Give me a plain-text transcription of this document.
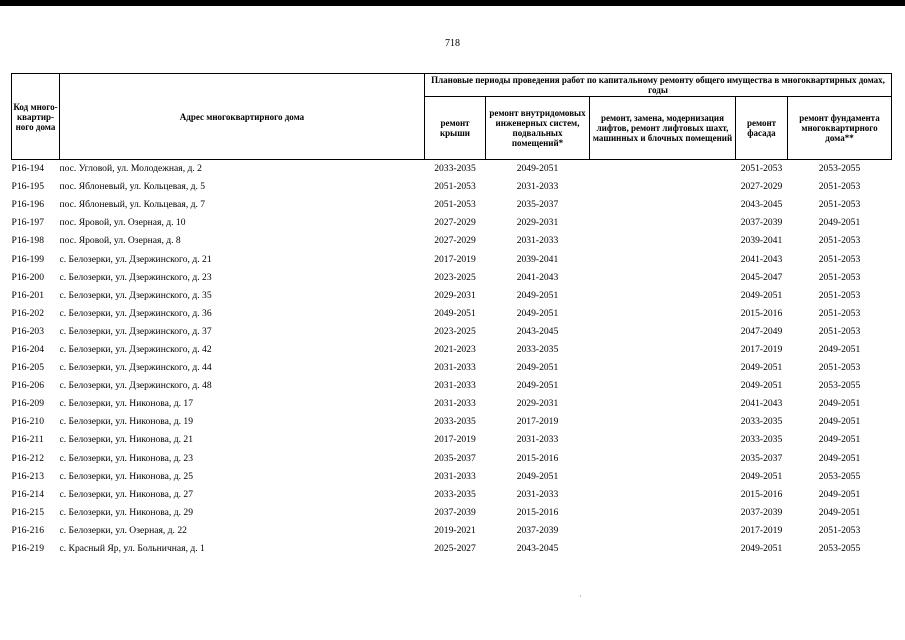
718
Код много-квартир-ного дома	Адрес многоквартирного дома	Плановые периоды проведения работ по капитальному ремонту общего имущества в многоквартирных домах, годы				
		ремонт крыши	ремонт внутридомовых инженерных систем, подвальных помещений*	ремонт, замена, модернизация лифтов, ремонт лифтовых шахт, машинных и блочных помещений	ремонт фасада	ремонт фундамента многоквартирного дома**
P16-194	пос. Угловой, ул. Молодежная, д. 2	2033-2035	2049-2051		2051-2053	2053-2055
P16-195	пос. Яблоневый, ул. Кольцевая, д. 5	2051-2053	2031-2033		2027-2029	2051-2053
P16-196	пос. Яблоневый, ул. Кольцевая, д. 7	2051-2053	2035-2037		2043-2045	2051-2053
P16-197	пос. Яровой, ул. Озерная, д. 10	2027-2029	2029-2031		2037-2039	2049-2051
P16-198	пос. Яровой, ул. Озерная, д. 8	2027-2029	2031-2033		2039-2041	2051-2053
P16-199	с. Белозерки, ул. Дзержинского, д. 21	2017-2019	2039-2041		2041-2043	2051-2053
P16-200	с. Белозерки, ул. Дзержинского, д. 23	2023-2025	2041-2043		2045-2047	2051-2053
P16-201	с. Белозерки, ул. Дзержинского, д. 35	2029-2031	2049-2051		2049-2051	2051-2053
P16-202	с. Белозерки, ул. Дзержинского, д. 36	2049-2051	2049-2051		2015-2016	2051-2053
P16-203	с. Белозерки, ул. Дзержинского, д. 37	2023-2025	2043-2045		2047-2049	2051-2053
P16-204	с. Белозерки, ул. Дзержинского, д. 42	2021-2023	2033-2035		2017-2019	2049-2051
P16-205	с. Белозерки, ул. Дзержинского, д. 44	2031-2033	2049-2051		2049-2051	2051-2053
P16-206	с. Белозерки, ул. Дзержинского, д. 48	2031-2033	2049-2051		2049-2051	2053-2055
P16-209	с. Белозерки, ул. Никонова, д. 17	2031-2033	2029-2031		2041-2043	2049-2051
P16-210	с. Белозерки, ул. Никонова, д. 19	2033-2035	2017-2019		2033-2035	2049-2051
P16-211	с. Белозерки, ул. Никонова, д. 21	2017-2019	2031-2033		2033-2035	2049-2051
P16-212	с. Белозерки, ул. Никонова, д. 23	2035-2037	2015-2016		2035-2037	2049-2051
P16-213	с. Белозерки, ул. Никонова, д. 25	2031-2033	2049-2051		2049-2051	2053-2055
P16-214	с. Белозерки, ул. Никонова, д. 27	2033-2035	2031-2033		2015-2016	2049-2051
P16-215	с. Белозерки, ул. Никонова, д. 29	2037-2039	2015-2016		2037-2039	2049-2051
P16-216	с. Белозерки, ул. Озерная, д. 22	2019-2021	2037-2039		2017-2019	2051-2053
P16-219	с. Красный Яр, ул. Больничная, д. 1	2025-2027	2043-2045		2049-2051	2053-2055
·
